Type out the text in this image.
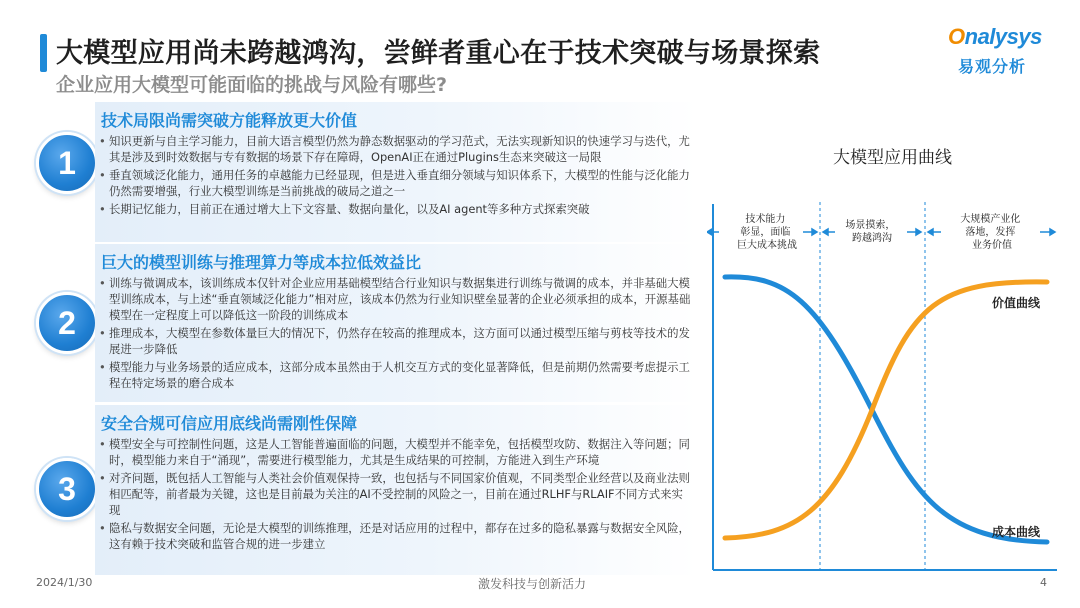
大模型应用尚未跨越鸿沟，尝鲜者重心在于技术突破与场景探索
企业应用大模型可能面临的挑战与风险有哪些?
Onalysys
易观分析
1
技术局限尚需突破方能释放更大价值
• 知识更新与自主学习能力，目前大语言模型仍然为静态数据驱动的学习范式，无法实现新知识的快速学习与迭代，尤其是涉及到时效数据与专有数据的场景下存在障碍，OpenAI正在通过Plugins生态来突破这一局限
• 垂直领域泛化能力，通用任务的卓越能力已经显现，但是进入垂直细分领域与知识体系下，大模型的性能与泛化能力仍然需要增强，行业大模型训练是当前挑战的破局之道之一
• 长期记忆能力，目前正在通过增大上下文容量、数据向量化，以及AI agent等多种方式探索突破
2
巨大的模型训练与推理算力等成本拉低效益比
• 训练与微调成本，该训练成本仅针对企业应用基础模型结合行业知识与数据集进行训练与微调的成本，并非基础大模型训练成本，与上述“垂直领域泛化能力”相对应，该成本仍然为行业知识壁垒显著的企业必须承担的成本，开源基础模型在一定程度上可以降低这一阶段的训练成本
• 推理成本，大模型在参数体量巨大的情况下，仍然存在较高的推理成本，这方面可以通过模型压缩与剪枝等技术的发展进一步降低
• 模型能力与业务场景的适应成本，这部分成本虽然由于人机交互方式的变化显著降低，但是前期仍然需要考虑提示工程在特定场景的磨合成本
3
安全合规可信应用底线尚需刚性保障
• 模型安全与可控制性问题，这是人工智能普遍面临的问题，大模型并不能幸免，包括模型攻防、数据注入等问题；同时，模型能力来自于“涌现”，需要进行模型能力，尤其是生成结果的可控制，方能进入到生产环境
• 对齐问题，既包括人工智能与人类社会价值观保持一致，也包括与不同国家价值观，不同类型企业经营以及商业法则相匹配等，前者最为关键，这也是目前最为关注的AI不受控制的风险之一，目前在通过RLHF与RLAIF不同方式来实现
• 隐私与数据安全问题，无论是大模型的训练推理，还是对话应用的过程中，都存在过多的隐私暴露与数据安全风险，这有赖于技术突破和监管合规的进一步建立
大模型应用曲线
技术能力 彰显，面临 巨大成本挑战
场景摸索， 跨越鸿沟
大规模产业化 落地，发挥 业务价值
价值曲线
成本曲线
2024/1/30	激发科技与创新活力	4
